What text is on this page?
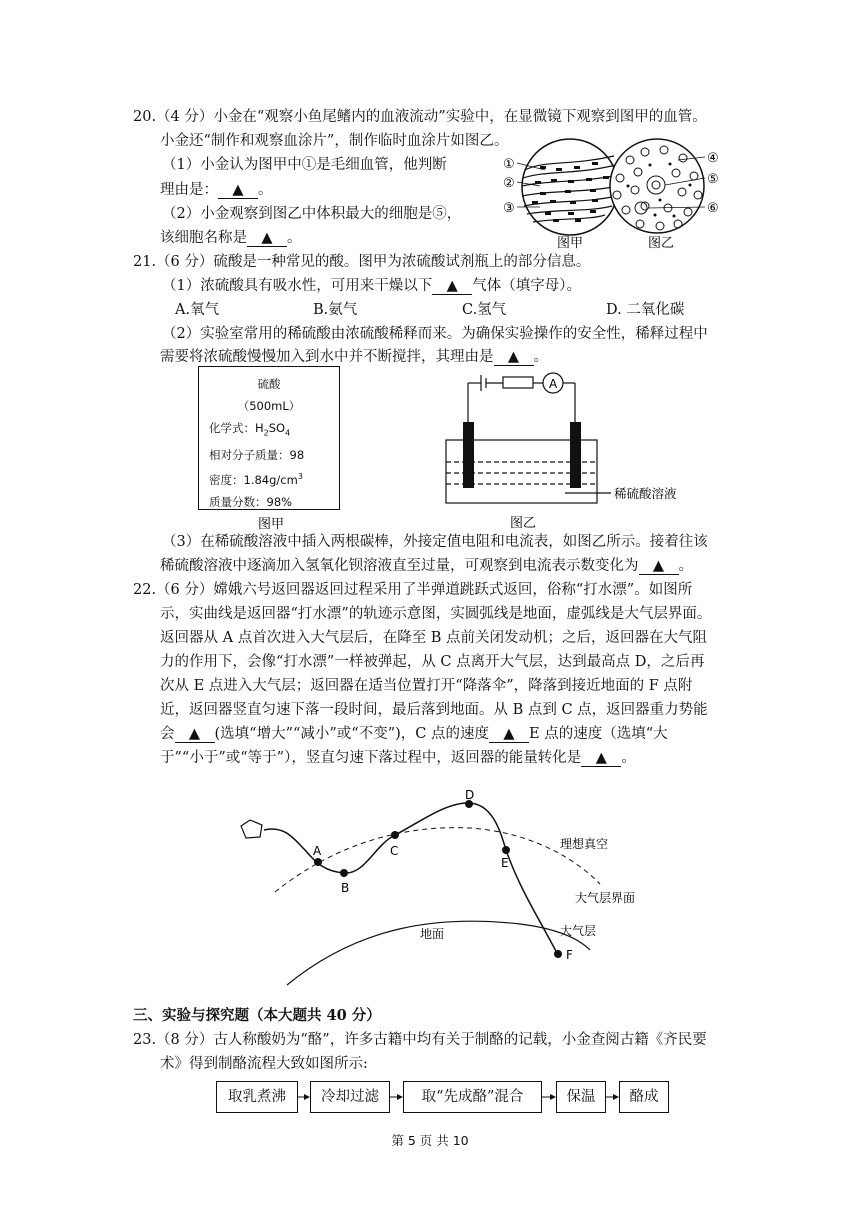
20.（4 分）小金在“观察小鱼尾鳍内的血液流动”实验中，在显微镜下观察到图甲的血管。
小金还“制作和观察血涂片”，制作临时血涂片如图乙。
（1）小金认为图甲中①是毛细血管，他判断
理由是： ▲ 。
（2）小金观察到图乙中体积最大的细胞是⑤，
该细胞名称是 ▲ 。
①
②
③
④
⑤
⑥
图甲	图乙
21.（6 分）硫酸是一种常见的酸。图甲为浓硫酸试剂瓶上的部分信息。
（1）浓硫酸具有吸水性，可用来干燥以下 ▲ 气体（填字母）。
A.氧气	B.氨气	C.氢气	D. 二氧化碳
（2）实验室常用的稀硫酸由浓硫酸稀释而来。为确保实验操作的安全性，稀释过程中
需要将浓硫酸慢慢加入到水中并不断搅拌，其理由是 ▲ 。
硫酸
（500mL）
化学式：$H_2SO_4$
相对分子质量：98
密度：$1.84g/cm^3$
质量分数：98%
A
稀硫酸溶液
图甲	图乙
（3）在稀硫酸溶液中插入两根碳棒，外接定值电阻和电流表，如图乙所示。接着往该
稀硫酸溶液中逐滴加入氢氧化钡溶液直至过量，可观察到电流表示数变化为 ▲ 。
22.（6 分）嫦娥六号返回器返回过程采用了半弹道跳跃式返回，俗称“打水漂”。如图所
示，实曲线是返回器“打水漂”的轨迹示意图，实圆弧线是地面，虚弧线是大气层界面。
返回器从 A 点首次进入大气层后，在降至 B 点前关闭发动机；之后，返回器在大气阻
力的作用下，会像“打水漂”一样被弹起，从 C 点离开大气层，达到最高点 D，之后再
次从 E 点进入大气层；返回器在适当位置打开“降落伞”，降落到接近地面的 F 点附
近，返回器竖直匀速下落一段时间，最后落到地面。从 B 点到 C 点，返回器重力势能
会 ▲ (选填“增大”“减小”或“不变”)，C 点的速度 ▲ E 点的速度（选填“大
于”“小于”或“等于”），竖直匀速下落过程中，返回器的能量转化是 ▲ 。
A
B
C
D
E
F
理想真空
大气层界面
大气层
地面
三、实验与探究题（本大题共 40 分）
23.（8 分）古人称酸奶为“酪”，许多古籍中均有关于制酪的记载，小金查阅古籍《齐民要
术》得到制酪流程大致如图所示:
取乳煮沸	冷却过滤	取“先成酪”混合	保温	酪成
第 5 页 共 10
